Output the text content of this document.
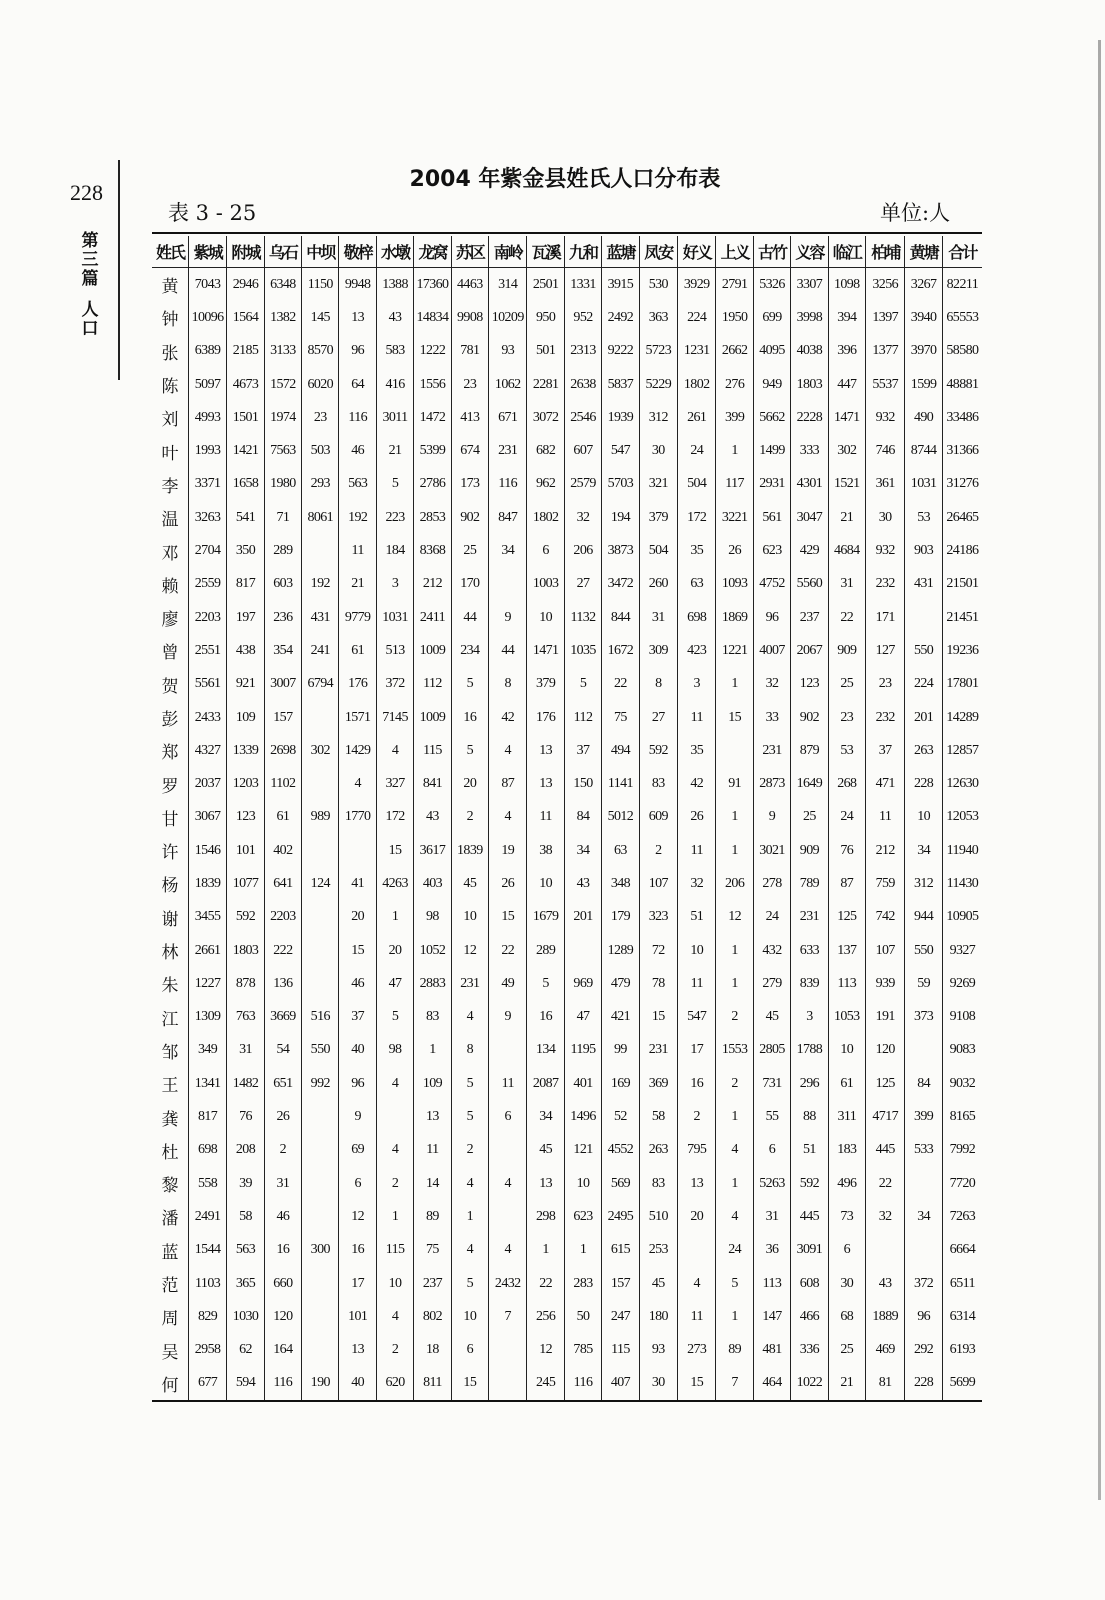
228
第
三
篇
人
口
2004 年紫金县姓氏人口分布表
表 3 - 25	单位:人
姓氏	紫城	附城	乌石	中坝	敬梓	水墩	龙窝	苏区	南岭	瓦溪	九和	蓝塘	凤安	好义	上义	古竹	义容	临江	柏埔	黄塘	合计
黄	7043	2946	6348	1150	9948	1388	17360	4463	314	2501	1331	3915	530	3929	2791	5326	3307	1098	3256	3267	82211
钟	10096	1564	1382	145	13	43	14834	9908	10209	950	952	2492	363	224	1950	699	3998	394	1397	3940	65553
张	6389	2185	3133	8570	96	583	1222	781	93	501	2313	9222	5723	1231	2662	4095	4038	396	1377	3970	58580
陈	5097	4673	1572	6020	64	416	1556	23	1062	2281	2638	5837	5229	1802	276	949	1803	447	5537	1599	48881
刘	4993	1501	1974	23	116	3011	1472	413	671	3072	2546	1939	312	261	399	5662	2228	1471	932	490	33486
叶	1993	1421	7563	503	46	21	5399	674	231	682	607	547	30	24	1	1499	333	302	746	8744	31366
李	3371	1658	1980	293	563	5	2786	173	116	962	2579	5703	321	504	117	2931	4301	1521	361	1031	31276
温	3263	541	71	8061	192	223	2853	902	847	1802	32	194	379	172	3221	561	3047	21	30	53	26465
邓	2704	350	289		11	184	8368	25	34	6	206	3873	504	35	26	623	429	4684	932	903	24186
赖	2559	817	603	192	21	3	212	170		1003	27	3472	260	63	1093	4752	5560	31	232	431	21501
廖	2203	197	236	431	9779	1031	2411	44	9	10	1132	844	31	698	1869	96	237	22	171		21451
曾	2551	438	354	241	61	513	1009	234	44	1471	1035	1672	309	423	1221	4007	2067	909	127	550	19236
贺	5561	921	3007	6794	176	372	112	5	8	379	5	22	8	3	1	32	123	25	23	224	17801
彭	2433	109	157		1571	7145	1009	16	42	176	112	75	27	11	15	33	902	23	232	201	14289
郑	4327	1339	2698	302	1429	4	115	5	4	13	37	494	592	35		231	879	53	37	263	12857
罗	2037	1203	1102		4	327	841	20	87	13	150	1141	83	42	91	2873	1649	268	471	228	12630
甘	3067	123	61	989	1770	172	43	2	4	11	84	5012	609	26	1	9	25	24	11	10	12053
许	1546	101	402			15	3617	1839	19	38	34	63	2	11	1	3021	909	76	212	34	11940
杨	1839	1077	641	124	41	4263	403	45	26	10	43	348	107	32	206	278	789	87	759	312	11430
谢	3455	592	2203		20	1	98	10	15	1679	201	179	323	51	12	24	231	125	742	944	10905
林	2661	1803	222		15	20	1052	12	22	289		1289	72	10	1	432	633	137	107	550	9327
朱	1227	878	136		46	47	2883	231	49	5	969	479	78	11	1	279	839	113	939	59	9269
江	1309	763	3669	516	37	5	83	4	9	16	47	421	15	547	2	45	3	1053	191	373	9108
邹	349	31	54	550	40	98	1	8		134	1195	99	231	17	1553	2805	1788	10	120		9083
王	1341	1482	651	992	96	4	109	5	11	2087	401	169	369	16	2	731	296	61	125	84	9032
龚	817	76	26		9		13	5	6	34	1496	52	58	2	1	55	88	311	4717	399	8165
杜	698	208	2		69	4	11	2		45	121	4552	263	795	4	6	51	183	445	533	7992
黎	558	39	31		6	2	14	4	4	13	10	569	83	13	1	5263	592	496	22		7720
潘	2491	58	46		12	1	89	1		298	623	2495	510	20	4	31	445	73	32	34	7263
蓝	1544	563	16	300	16	115	75	4	4	1	1	615	253		24	36	3091	6			6664
范	1103	365	660		17	10	237	5	2432	22	283	157	45	4	5	113	608	30	43	372	6511
周	829	1030	120		101	4	802	10	7	256	50	247	180	11	1	147	466	68	1889	96	6314
吴	2958	62	164		13	2	18	6		12	785	115	93	273	89	481	336	25	469	292	6193
何	677	594	116	190	40	620	811	15		245	116	407	30	15	7	464	1022	21	81	228	5699
